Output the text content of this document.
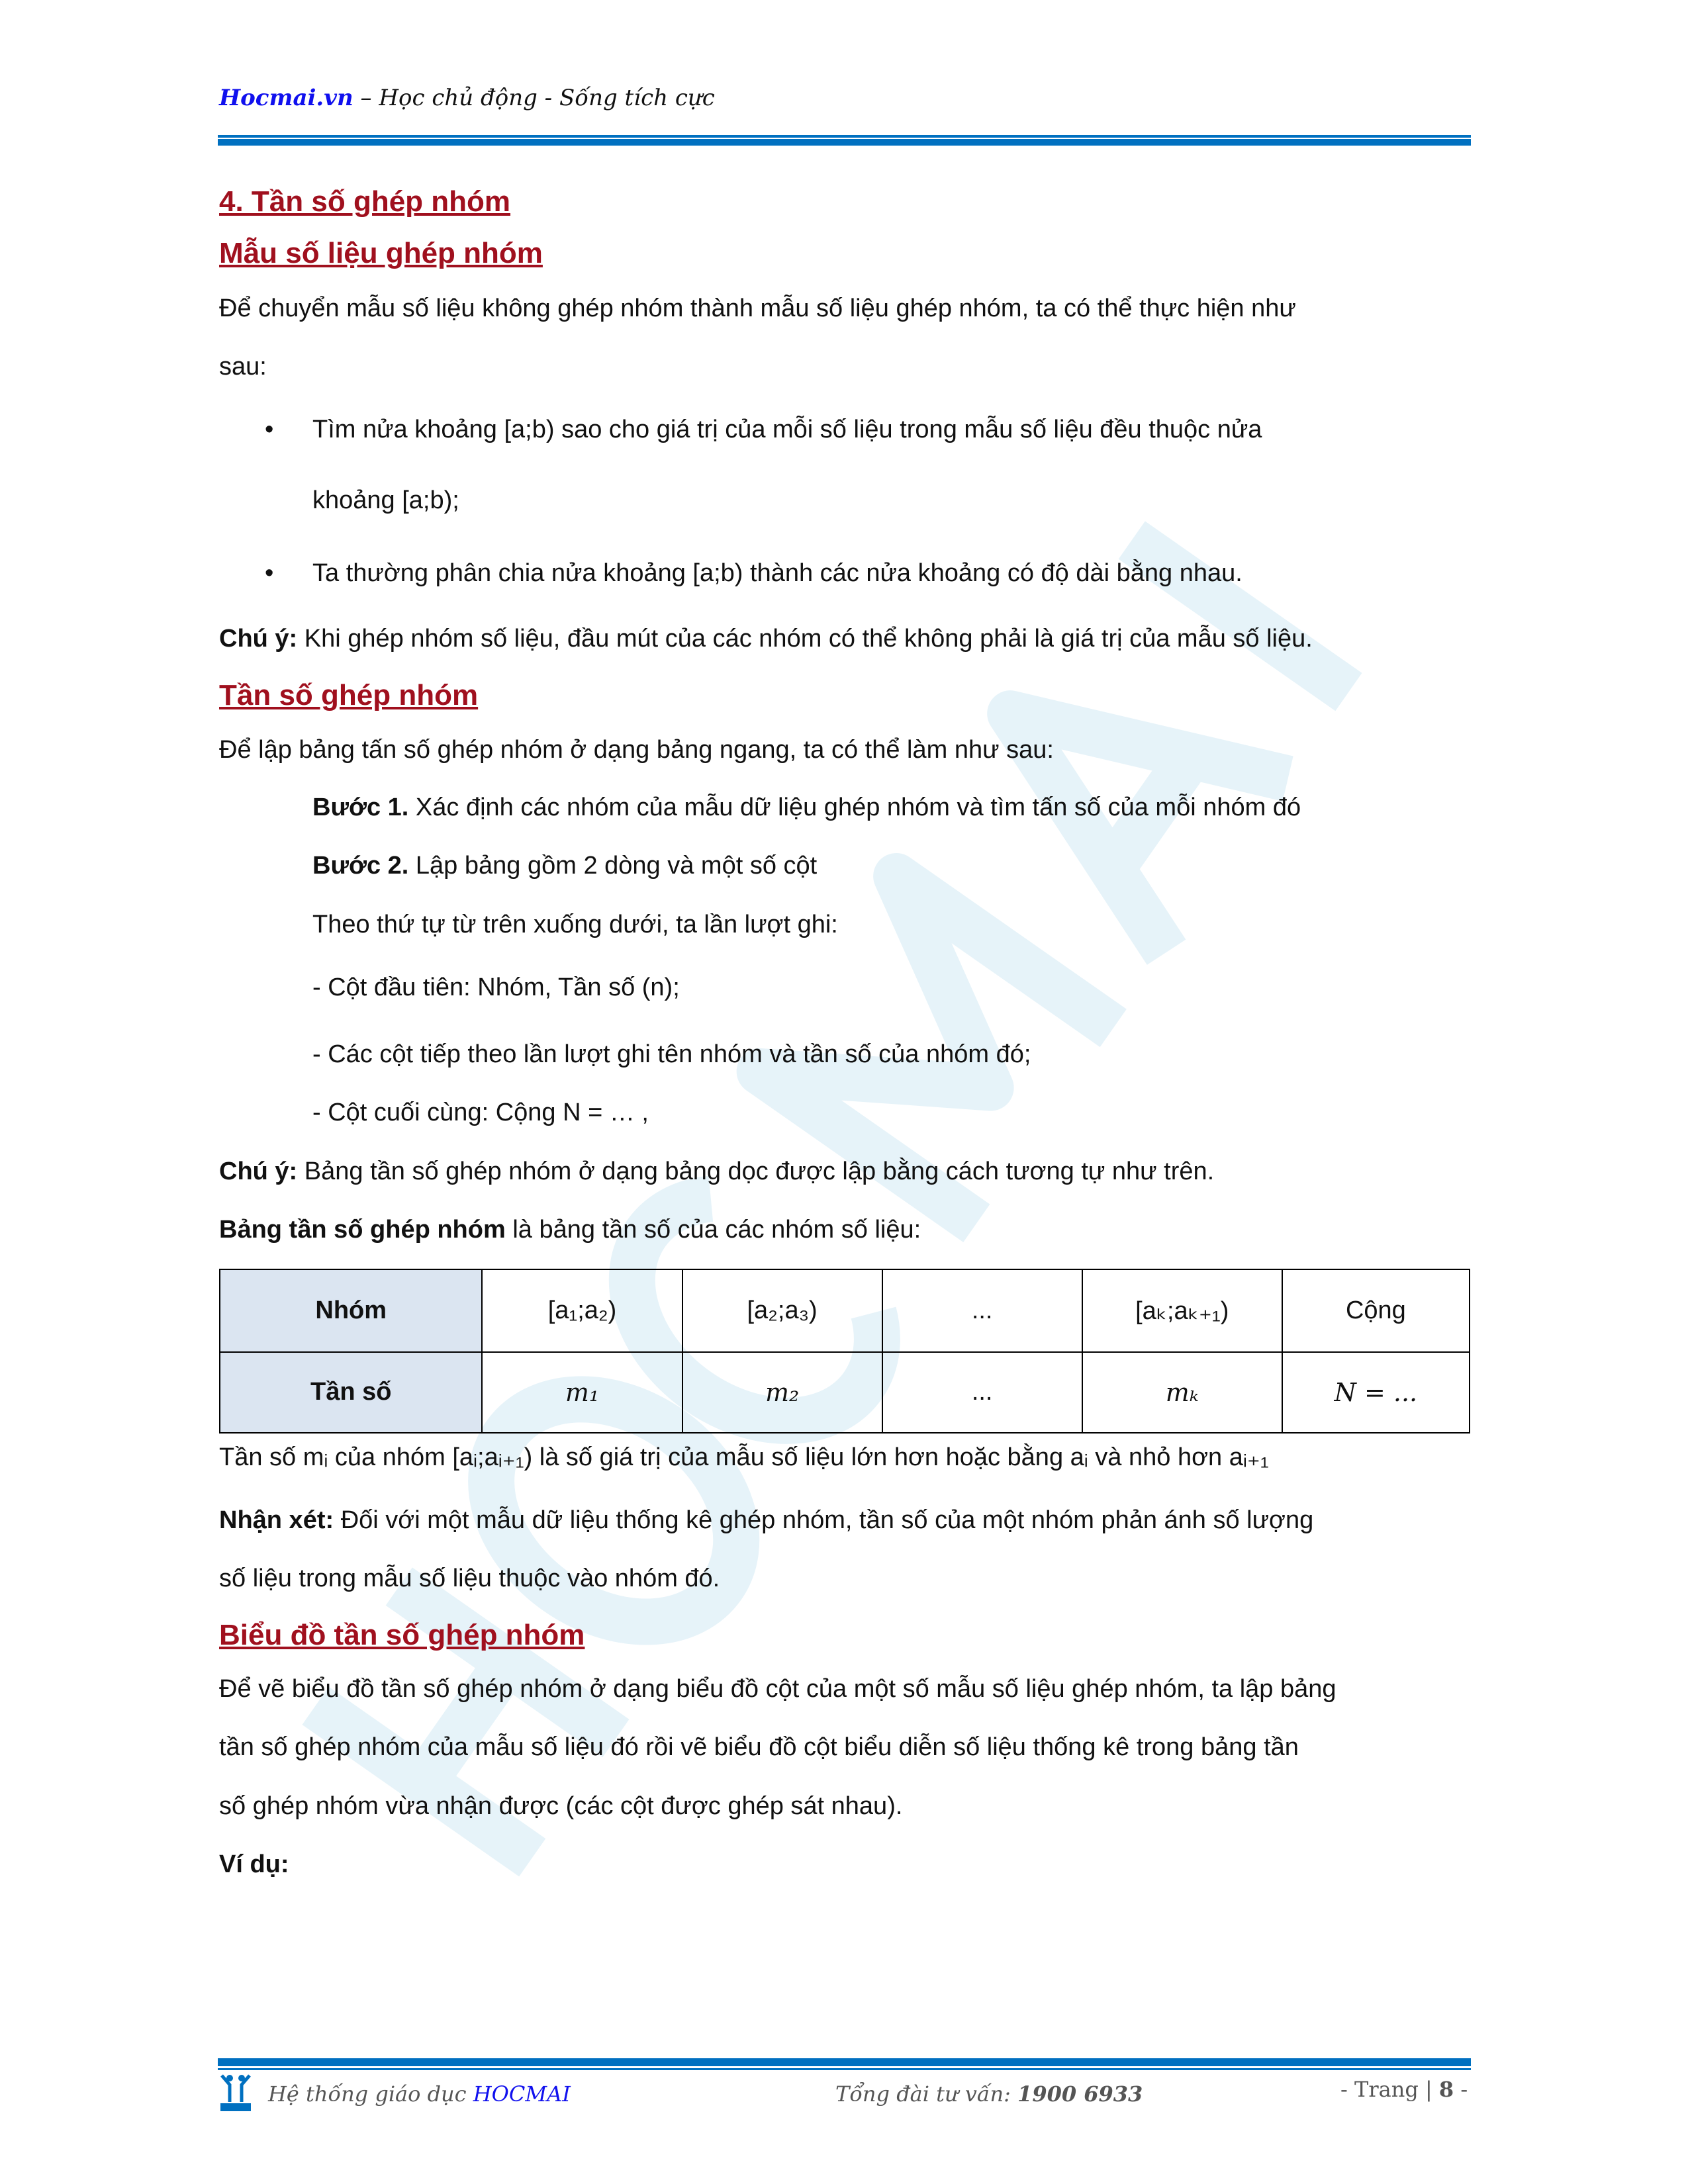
Hocmai.vn – Học chủ động - Sống tích cực
4. Tần số ghép nhóm
Mẫu số liệu ghép nhóm
Để chuyển mẫu số liệu không ghép nhóm thành mẫu số liệu ghép nhóm, ta có thể thực hiện như
sau:
• Tìm nửa khoảng [a;b) sao cho giá trị của mỗi số liệu trong mẫu số liệu đều thuộc nửa
khoảng [a;b);
• Ta thường phân chia nửa khoảng [a;b) thành các nửa khoảng có độ dài bằng nhau.
Chú ý: Khi ghép nhóm số liệu, đầu mút của các nhóm có thể không phải là giá trị của mẫu số liệu.
Tần số ghép nhóm
Để lập bảng tấn số ghép nhóm ở dạng bảng ngang, ta có thể làm như sau:
Bước 1. Xác định các nhóm của mẫu dữ liệu ghép nhóm và tìm tấn số của mỗi nhóm đó
Bước 2. Lập bảng gồm 2 dòng và một số cột
Theo thứ tự từ trên xuống dưới, ta lần lượt ghi:
- Cột đầu tiên: Nhóm, Tần số (n);
- Các cột tiếp theo lần lượt ghi tên nhóm và tần số của nhóm đó;
- Cột cuối cùng: Cộng N = … ,
Chú ý: Bảng tần số ghép nhóm ở dạng bảng dọc được lập bằng cách tương tự như trên.
Bảng tần số ghép nhóm là bảng tần số của các nhóm số liệu:
Nhóm	[a₁;a₂)	[a₂;a₃)	...	[aₖ;aₖ₊₁)	Cộng
Tần số	m₁	m₂	...	mₖ	N = ...
Tần số mᵢ của nhóm [aᵢ;aᵢ₊₁) là số giá trị của mẫu số liệu lớn hơn hoặc bằng aᵢ và nhỏ hơn aᵢ₊₁
Nhận xét: Đối với một mẫu dữ liệu thống kê ghép nhóm, tần số của một nhóm phản ánh số lượng
số liệu trong mẫu số liệu thuộc vào nhóm đó.
Biểu đồ tần số ghép nhóm
Để vẽ biểu đồ tần số ghép nhóm ở dạng biểu đồ cột của một số mẫu số liệu ghép nhóm, ta lập bảng
tần số ghép nhóm của mẫu số liệu đó rồi vẽ biểu đồ cột biểu diễn số liệu thống kê trong bảng tần
số ghép nhóm vừa nhận được (các cột được ghép sát nhau).
Ví dụ:
Hệ thống giáo dục HOCMAI	Tổng đài tư vấn: 1900 6933	- Trang | 8 -
